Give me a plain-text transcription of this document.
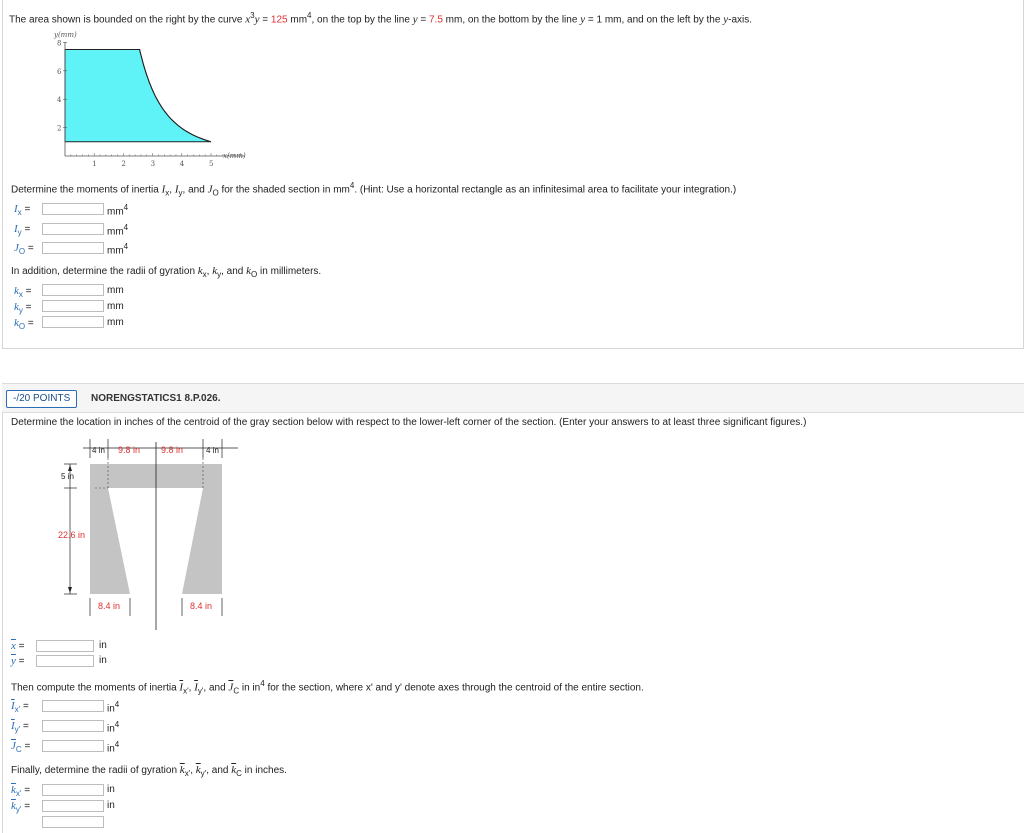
The area shown is bounded on the right by the curve $x^3y = 125$ $mm^4$, on the top by the line y = 7.5 mm, on the bottom by the line y = 1 mm, and on the left by the y-axis.
y(mm)
8
6
4
2
1	2	3	4	5
x(mm)
Determine the moments of inertia $I_x$, $I_y$, and $J_O$ for the shaded section in $mm^4$. (Hint: Use a horizontal rectangle as an infinitesimal area to facilitate your integration.)
$I_x$ =	$mm^4$
$I_y$ =	$mm^4$
$J_O$ =	$mm^4$
In addition, determine the radii of gyration $k_x$, $k_y$, and $k_O$ in millimeters.
$k_x$ =	mm
$k_y$ =	mm
$k_O$ =	mm
-/20 POINTS	NORENGSTATICS1 8.P.026.
Determine the location in inches of the centroid of the gray section below with respect to the lower-left corner of the section. (Enter your answers to at least three significant figures.)
4 in 9.8 in 9.8 in	4 in
5 in
22.6 in
8.4 in	8.4 in
$\overline{x}$ =	in
$\overline{y}$ =	in
Then compute the moments of inertia $\overline{I}_{x'}$, $\overline{I}_{y'}$, and $\overline{J}_C$ in $in^4$ for the section, where x' and y' denote axes through the centroid of the entire section.
$\overline{I}_{x'}$ =	$in^4$
$\overline{I}_{y'}$ =	$in^4$
$\overline{J}_C$ =	$in^4$
Finally, determine the radii of gyration $\overline{k}_{x'}$, $\overline{k}_{y'}$, and $\overline{k}_C$ in inches.
$\overline{k}_{x'}$ =	in
$\overline{k}_{y'}$ =	in
